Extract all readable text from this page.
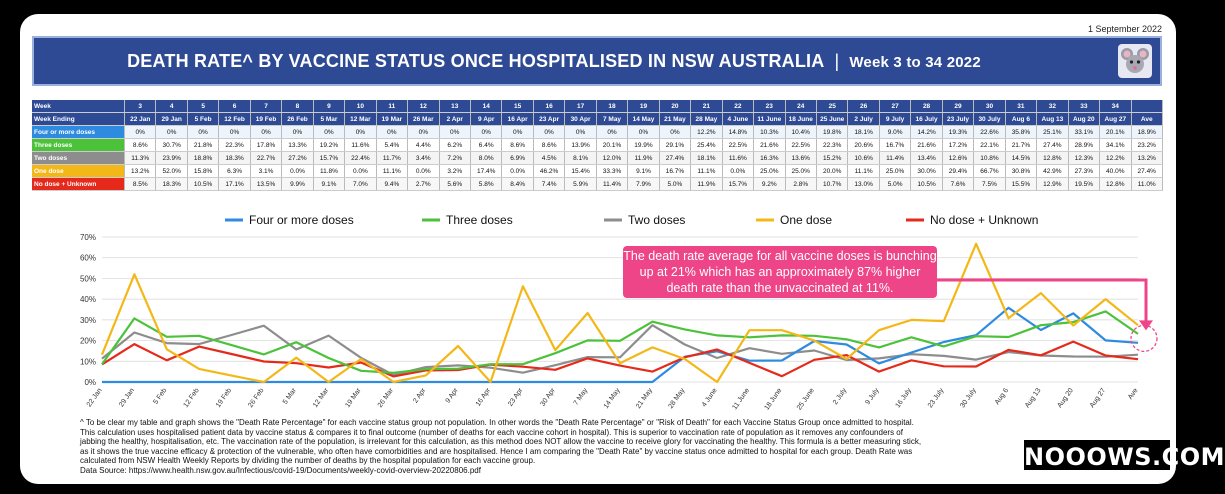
1 September 2022
DEATH RATE^ BY VACCINE STATUS ONCE HOSPITALISED IN NSW AUSTRALIA | Week 3 to 34 2022
Week	3	4	5	6	7	8	9	10	11	12	13	14	15	16	17	18	19	20	21	22	23	24	25	26	27	28	29	30	31	32	33	34	
Week Ending	22 Jan	29 Jan	5 Feb	12 Feb	19 Feb	26 Feb	5 Mar	12 Mar	19 Mar	26 Mar	2 Apr	9 Apr	16 Apr	23 Apr	30 Apr	7 May	14 May	21 May	28 May	4 June	11 June	18 June	25 June	2 July	9 July	16 July	23 July	30 July	Aug 6	Aug 13	Aug 20	Aug 27	Ave
Four or more doses	0%	0%	0%	0%	0%	0%	0%	0%	0%	0%	0%	0%	0%	0%	0%	0%	0%	0%	12.2%	14.8%	10.3%	10.4%	19.8%	18.1%	9.0%	14.2%	19.3%	22.6%	35.8%	25.1%	33.1%	20.1%	18.9%
Three doses	8.6%	30.7%	21.8%	22.3%	17.8%	13.3%	19.2%	11.6%	5.4%	4.4%	6.2%	6.4%	8.6%	8.6%	13.9%	20.1%	19.9%	29.1%	25.4%	22.5%	21.6%	22.5%	22.3%	20.6%	16.7%	21.6%	17.2%	22.1%	21.7%	27.4%	28.9%	34.1%	23.2%
Two doses	11.3%	23.9%	18.8%	18.3%	22.7%	27.2%	15.7%	22.4%	11.7%	3.4%	7.2%	8.0%	6.9%	4.5%	8.1%	12.0%	11.9%	27.4%	18.1%	11.6%	16.3%	13.6%	15.2%	10.6%	11.4%	13.4%	12.6%	10.8%	14.5%	12.8%	12.3%	12.2%	13.2%
One dose	13.2%	52.0%	15.8%	6.3%	3.1%	0.0%	11.8%	0.0%	11.1%	0.0%	3.2%	17.4%	0.0%	46.2%	15.4%	33.3%	9.1%	16.7%	11.1%	0.0%	25.0%	25.0%	20.0%	11.1%	25.0%	30.0%	29.4%	66.7%	30.8%	42.9%	27.3%	40.0%	27.4%
No dose + Unknown	8.5%	18.3%	10.5%	17.1%	13.5%	9.9%	9.1%	7.0%	9.4%	2.7%	5.6%	5.8%	8.4%	7.4%	5.9%	11.4%	7.9%	5.0%	11.9%	15.7%	9.2%	2.8%	10.7%	13.0%	5.0%	10.5%	7.6%	7.5%	15.5%	12.9%	19.5%	12.8%	11.0%
0%
10%
20%
30%
40%
50%
60%
70%
22 Jan 29 Jan 5 Feb 12 Feb 19 Feb 26 Feb 5 Mar 12 Mar 19 Mar 26 Mar 2 Apr 9 Apr 16 Apr 23 Apr 30 Apr 7 May 14 May 21 May 28 May 4 June 11 June 18 June 25 June 2 July 9 July 16 July 23 July 30 July Aug 6 Aug 13 Aug 20 Aug 27	Ave
Four or more doses	Three doses	Two doses	One dose	No dose + Unknown
The death rate average for all vaccine doses is bunching up at 21% which has an approximately 87% higher death rate than the unvaccinated at 11%.
^ To be clear my table and graph shows the "Death Rate Percentage" for each vaccine status group not population. In other words the "Death Rate Percentage" or "Risk of Death" for each Vaccine Status Group once admitted to hospital.
This calculation uses hospitalised patient data by vaccine status & compares it to final outcome (number of deaths for each vaccine cohort in hospital). This is superior to vaccination rate of population as it removes any confounders of
jabbing the healthy, hospitalisation, etc. The vaccination rate of the population, is irrelevant for this calculation, as this method does NOT allow the vaccine to receive glory for vaccinating the healthy. This formula is a better measuring stick,
as it shows the true vaccine efficacy & protection of the vulnerable, who often have comorbidities and are hospitalised. Hence I am comparing the "Death Rate" by vaccine status once admitted to hospital for each group. Death Rate was
calculated from NSW Health Weekly Reports by dividing the number of deaths by the hospital population for each vaccine group.
Data Source: https://www.health.nsw.gov.au/Infectious/covid-19/Documents/weekly-covid-overview-20220806.pdf	NOOOWS.COM
